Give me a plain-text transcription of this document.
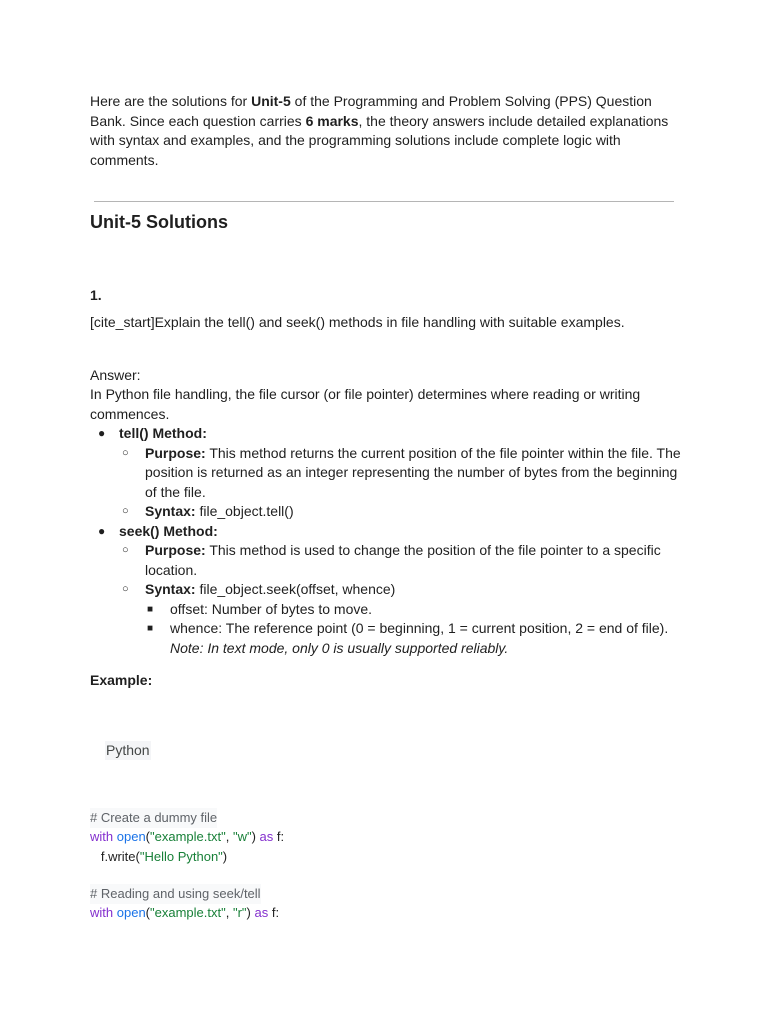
Here are the solutions for Unit-5 of the Programming and Problem Solving (PPS) Question Bank. Since each question carries 6 marks, the theory answers include detailed explanations with syntax and examples, and the programming solutions include complete logic with comments.

Unit-5 Solutions

1.

[cite_start]Explain the tell() and seek() methods in file handling with suitable examples.

Answer:

In Python file handling, the file cursor (or file pointer) determines where reading or writing commences.

● tell() Method:
○ Purpose: This method returns the current position of the file pointer within the file. The position is returned as an integer representing the number of bytes from the beginning of the file.
○ Syntax: file_object.tell()
● seek() Method:
○ Purpose: This method is used to change the position of the file pointer to a specific location.
○ Syntax: file_object.seek(offset, whence)
■ offset: Number of bytes to move.
■ whence: The reference point (0 = beginning, 1 = current position, 2 = end of file).
Note: In text mode, only 0 is usually supported reliably.

Example:

Python

# Create a dummy file
with open("example.txt", "w") as f:
f.write("Hello Python")
# Reading and using seek/tell
with open("example.txt", "r") as f:
